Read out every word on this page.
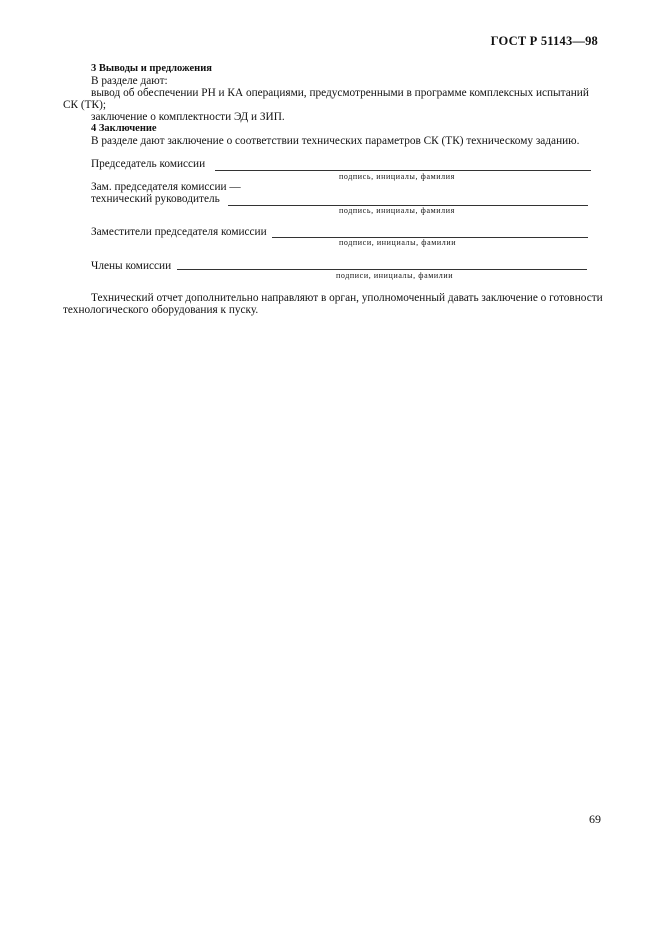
ГОСТ Р 51143—98
3 Выводы и предложения
В разделе дают:
вывод об обеспечении РН и КА операциями, предусмотренными в программе комплексных испытаний
СК (ТК);
заключение о комплектности ЭД и ЗИП.
4 Заключение
В разделе дают заключение о соответствии технических параметров СК (ТК) техническому заданию.
Председатель комиссии
подпись, инициалы, фамилия
Зам. председателя комиссии —
технический руководитель
подпись, инициалы, фамилия
Заместители председателя комиссии
подписи, инициалы, фамилии
Члены комиссии
подписи, инициалы, фамилии
Технический отчет дополнительно направляют в орган, уполномоченный давать заключение о готовности
технологического оборудования к пуску.
69
